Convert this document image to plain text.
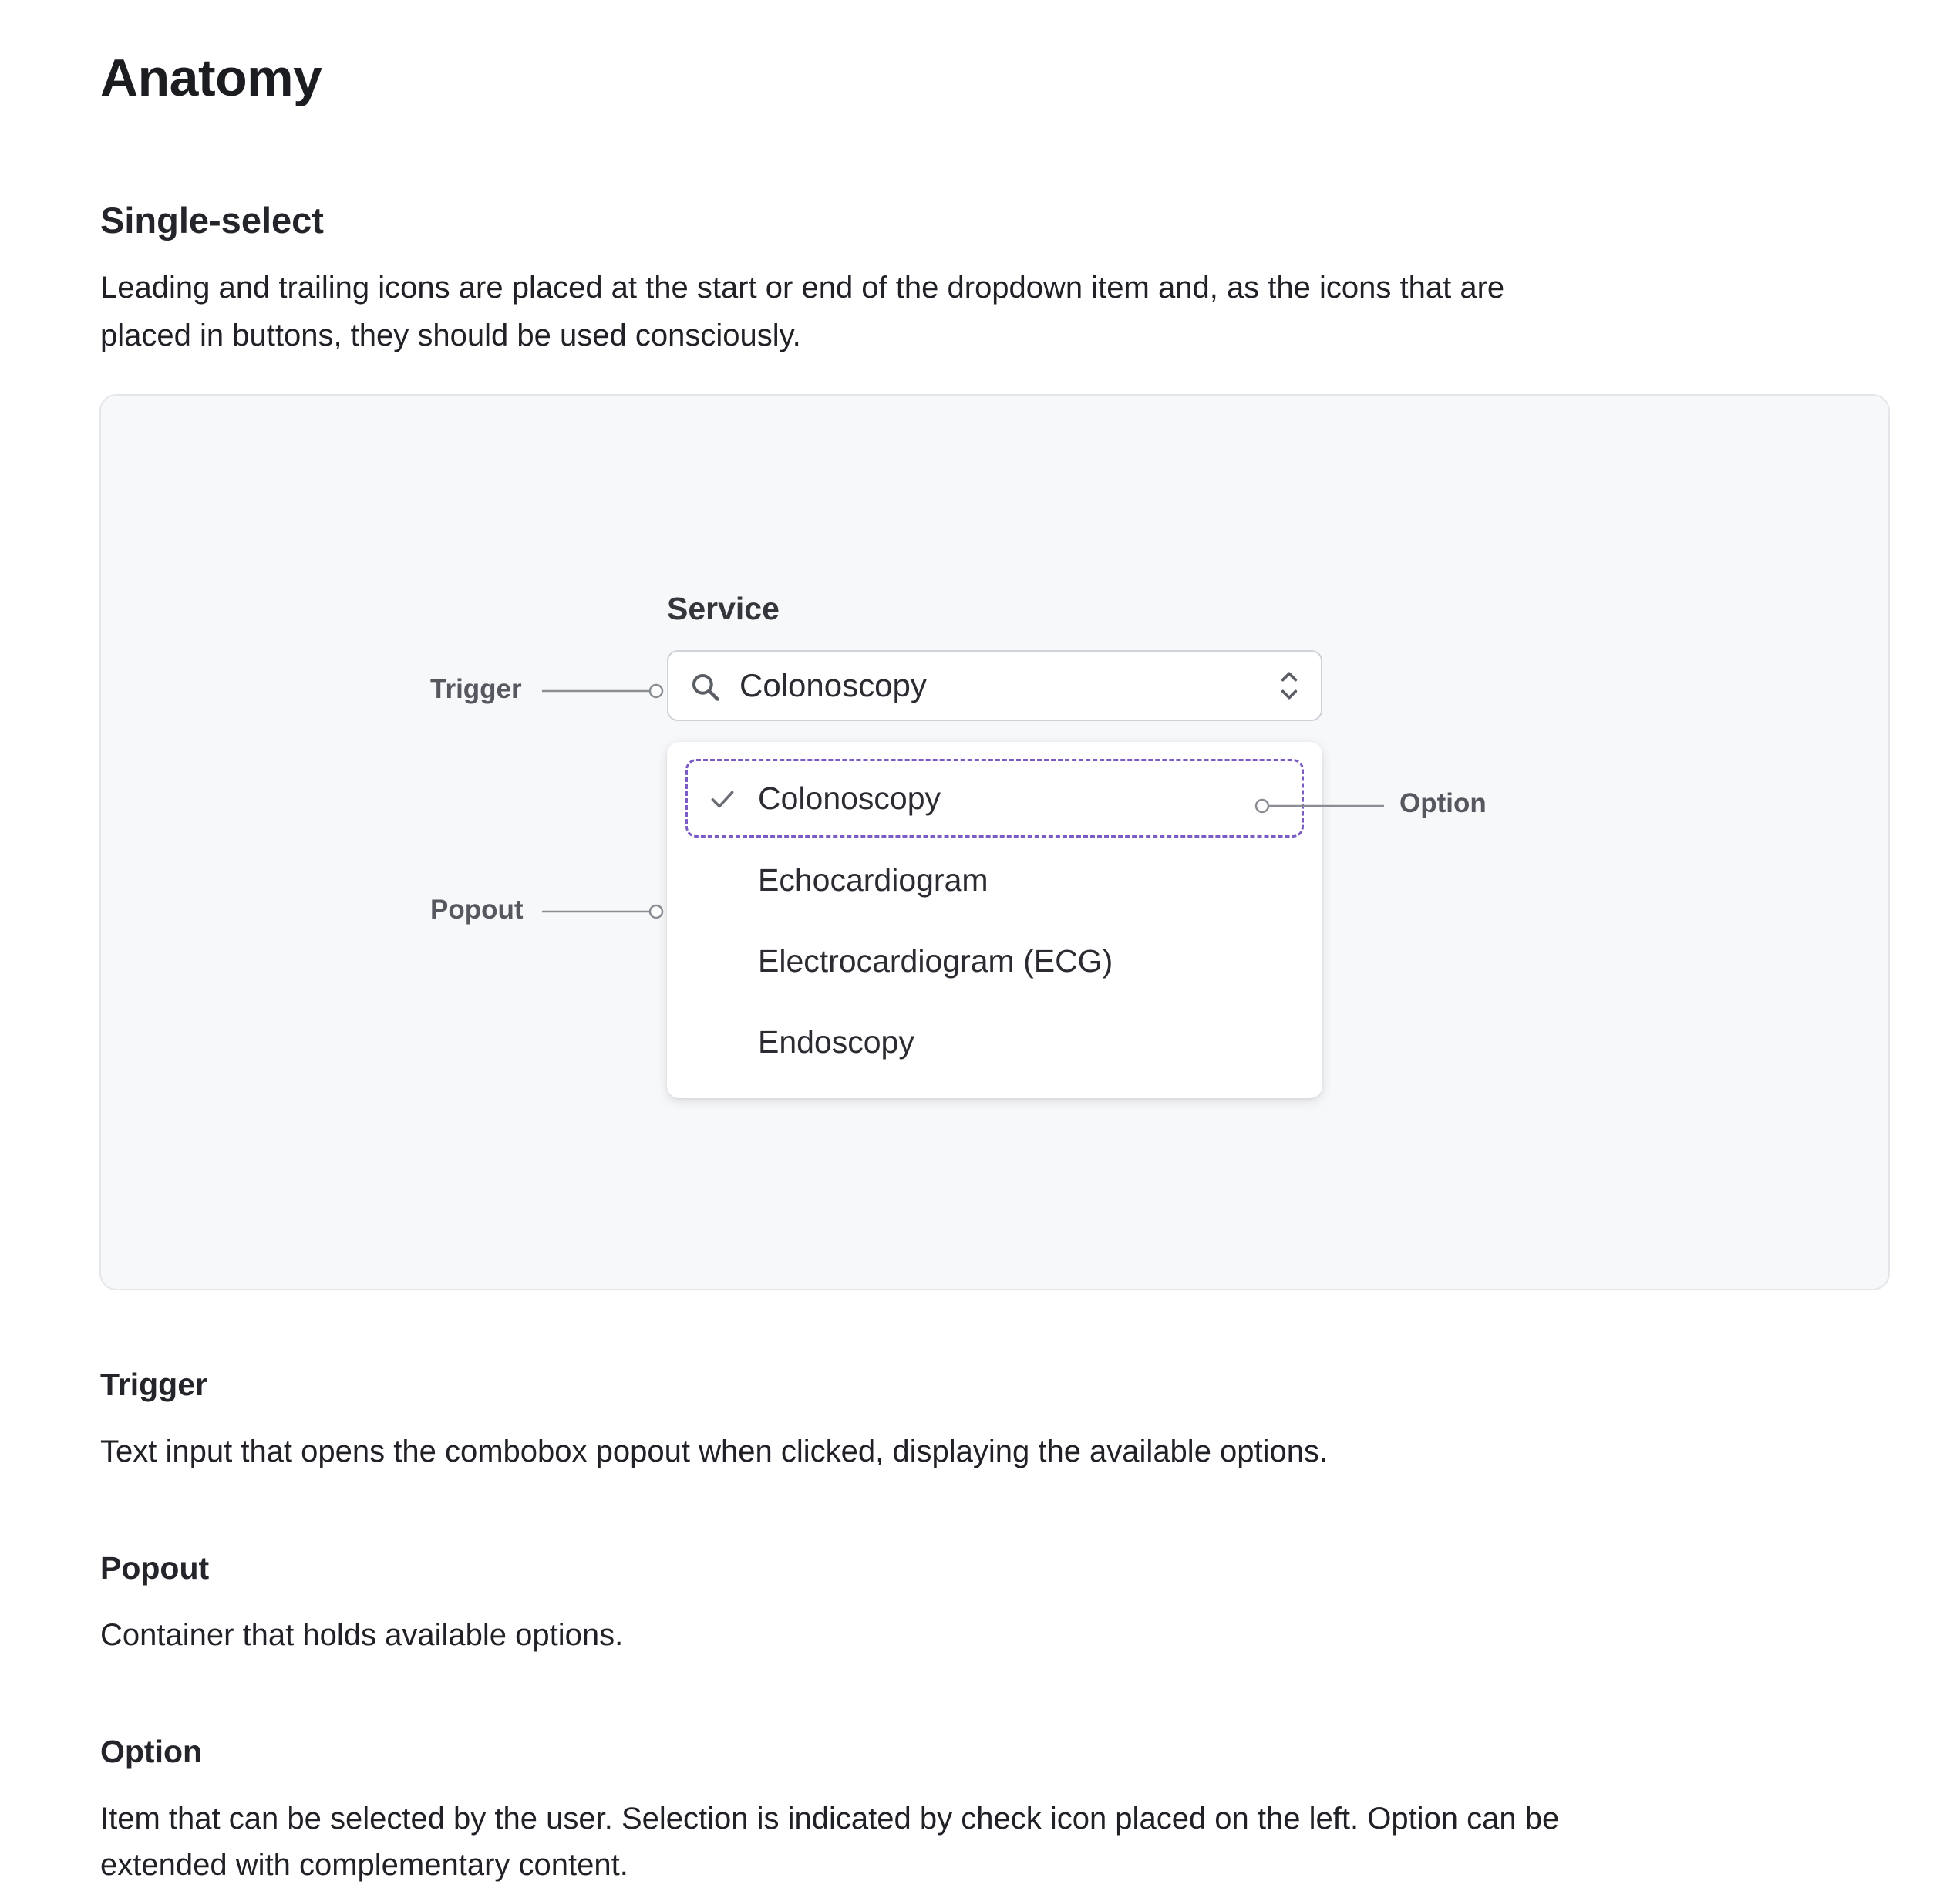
Anatomy
Single-select

Leading and trailing icons are placed at the start or end of the dropdown item and, as the icons that are placed in buttons, they should be used consciously.

Service
Colonoscopy
Colonoscopy
Echocardiogram
Electrocardiogram (ECG)
Endoscopy
Trigger
Popout
Option
Trigger

Text input that opens the combobox popout when clicked, displaying the available options.

Popout

Container that holds available options.

Option

Item that can be selected by the user. Selection is indicated by check icon placed on the left. Option can be extended with complementary content.
